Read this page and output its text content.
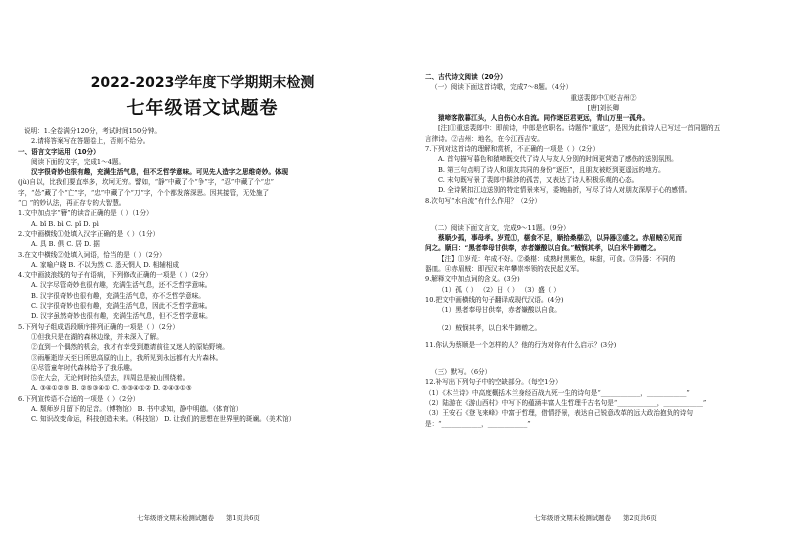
2022-2023学年度下学期期末检测
七年级语文试题卷
说明：1.全卷满分120分，考试时间150分钟。
2.请将答案写在答题卷上，否则不给分。
一、语言文字运用（10分）
阅读下面的文字，完成1～4题。
汉字很奇妙也很有趣，充满生活气息，但不乏哲学意味。可见先人造字之思维奇妙。体现
(jù)自以，比我们要直率多，坎坷无穷。譬如，“静”中藏了个“争”字，“忍”中藏了个“忠”
字，“怂”藏了个“亡”字，“忠”中藏了个“刀”字，个个都发落深思。因其接管，无处施了
“▢ ”的妙认法，再正存专的大智慧。
1.文中加点字“簪”的读音正确的是（ ）（1分）
A. bǐ B. bì C. pǐ D. pì
2.文中画横线①处填入汉字正确的是（ ）（1分）
A. 具 B. 俱 C. 居 D. 据
3.在文中横线②处填入词语，恰当的是（ ）（2分）
A. 家喻户晓 B. 不以为然 C. 悉天惘人 D. 相辅相成
4.文中画波浪线的句子有语病，下列修改正确的一项是（ ）（2分）
A. 汉字尽管奇妙也很有趣，充满生活气息，还不乏哲学意味。
B. 汉字很奇妙也很有趣，充满生活气息，亦不乏哲学意味。
C. 汉字很奇妙也很有趣，充满生活气息，因此不乏哲学意味。
D. 汉字虽然奇妙也很有趣，充满生活气息，但不乏哲学意味。
5.下列句子组成语段顺序排列正确的一项是（ ）（2分）
①但我只是在湖的森林边缘，并未深入了解。
②直到一个偶然的机会，我才有幸受到邀请前往又迷人的原始野境。
③雨雁逝岸天至日所思高原的山上，我所见到永远都有大片森林。
④尽管童年时代森林给予了我乐趣。
⑤在大会，无论何时抬头望去，四周总是被山围绕着。
A. ③④①②⑤ B. ②⑤③④① C. ⑤③④①② D. ②④③①⑤
6.下列宣传语不合适的一项是（ ）（2分）
A. 颓师岁月留下的足音。（博物馆） B. 书中求知，静中明德。（体育馆）
C. 知识改变命运，科技创造未来。（科技馆） D. 让我们的思想在世界里的斑斓。（美术馆）
七年级语文期末检测试题卷 第1页共6页
二、古代诗文阅读（20分）
（一）阅读下面这首诗歌，完成7～8题。（4分）
重送裴郎中①贬吉州②
[唐]刘长卿
猿啼客散暮江头，人自伤心水自流。同作逐臣君更远，青山万里一孤舟。
[注]①重送裴郎中：即前诗，中郎是官职名。诗题作“重送”，是因为此前诗人已写过一首同题的五
言律诗。②吉州：地名，在今江西吉安。
7.下列对这首诗的理解和赏析，不正确的一项是（ ）（2分）
A. 首句描写暮色和猿啼既交代了诗人与友人分别的时间更营造了感伤的送别氛围。
B. 第三句点明了诗人和朋友共同的身份“逐臣”，且朋友被贬到更遥远的地方。
C. 末句既写景了裴郎中跋涉的孤苦，又表达了诗人积极乐观的心态。
D. 全诗紧扣江边送别的特定情景来写，委婉曲折，写尽了诗人对朋友深厚于心的感情。
8.次句写“水自流”有什么作用？（2分）
（二）阅读下面文言文，完成9～11题。（9分）
蔡顺少孤，事母孝。岁荒①，椹食不足，顺拾桑椹②，以异器③盛之。赤眉贼④见而
问之。顺曰：“黑者奉母甘供奉，赤者嫌酸以自食。”贼悯其孝，以白米牛蹄赠之。
【注】①岁荒：年成不好。②桑椹：成熟时黑紫色，味甜，可食。③异器：不同的
器皿。④赤眉贼：即西汉末年攀崇率领的农民起义军。
9.解释文中加点词的含义。(3分)
（1）孤（ ） （2）日（ ） （3）盛（ ）
10.把文中画横线的句子翻译成现代汉语。(4分)
（1）黑者奉母甘供奉，赤者嫌酸以自食。
（2）贼悯其孝，以白米牛蹄赠之。
11.你认为蔡顺是一个怎样的人？他的行为对你有什么启示？(3分)
（三）默写。（6分）
12.补写出下列句子中的空缺部分。（每空1分）
（1）《木兰诗》中高度概括木兰身经百战九死一生的诗句是“____________，____________”
（2）陆游在《游山西村》中写下的蕴涵丰富人生哲理千古名句是“____________，____________”
（3）王安石《登飞来峰》中富于哲理，借情抒景，表达自己锐意改革的远大政治抱负的诗句
是：“____________，____________”
七年级语文期末检测试题卷 第2页共6页
